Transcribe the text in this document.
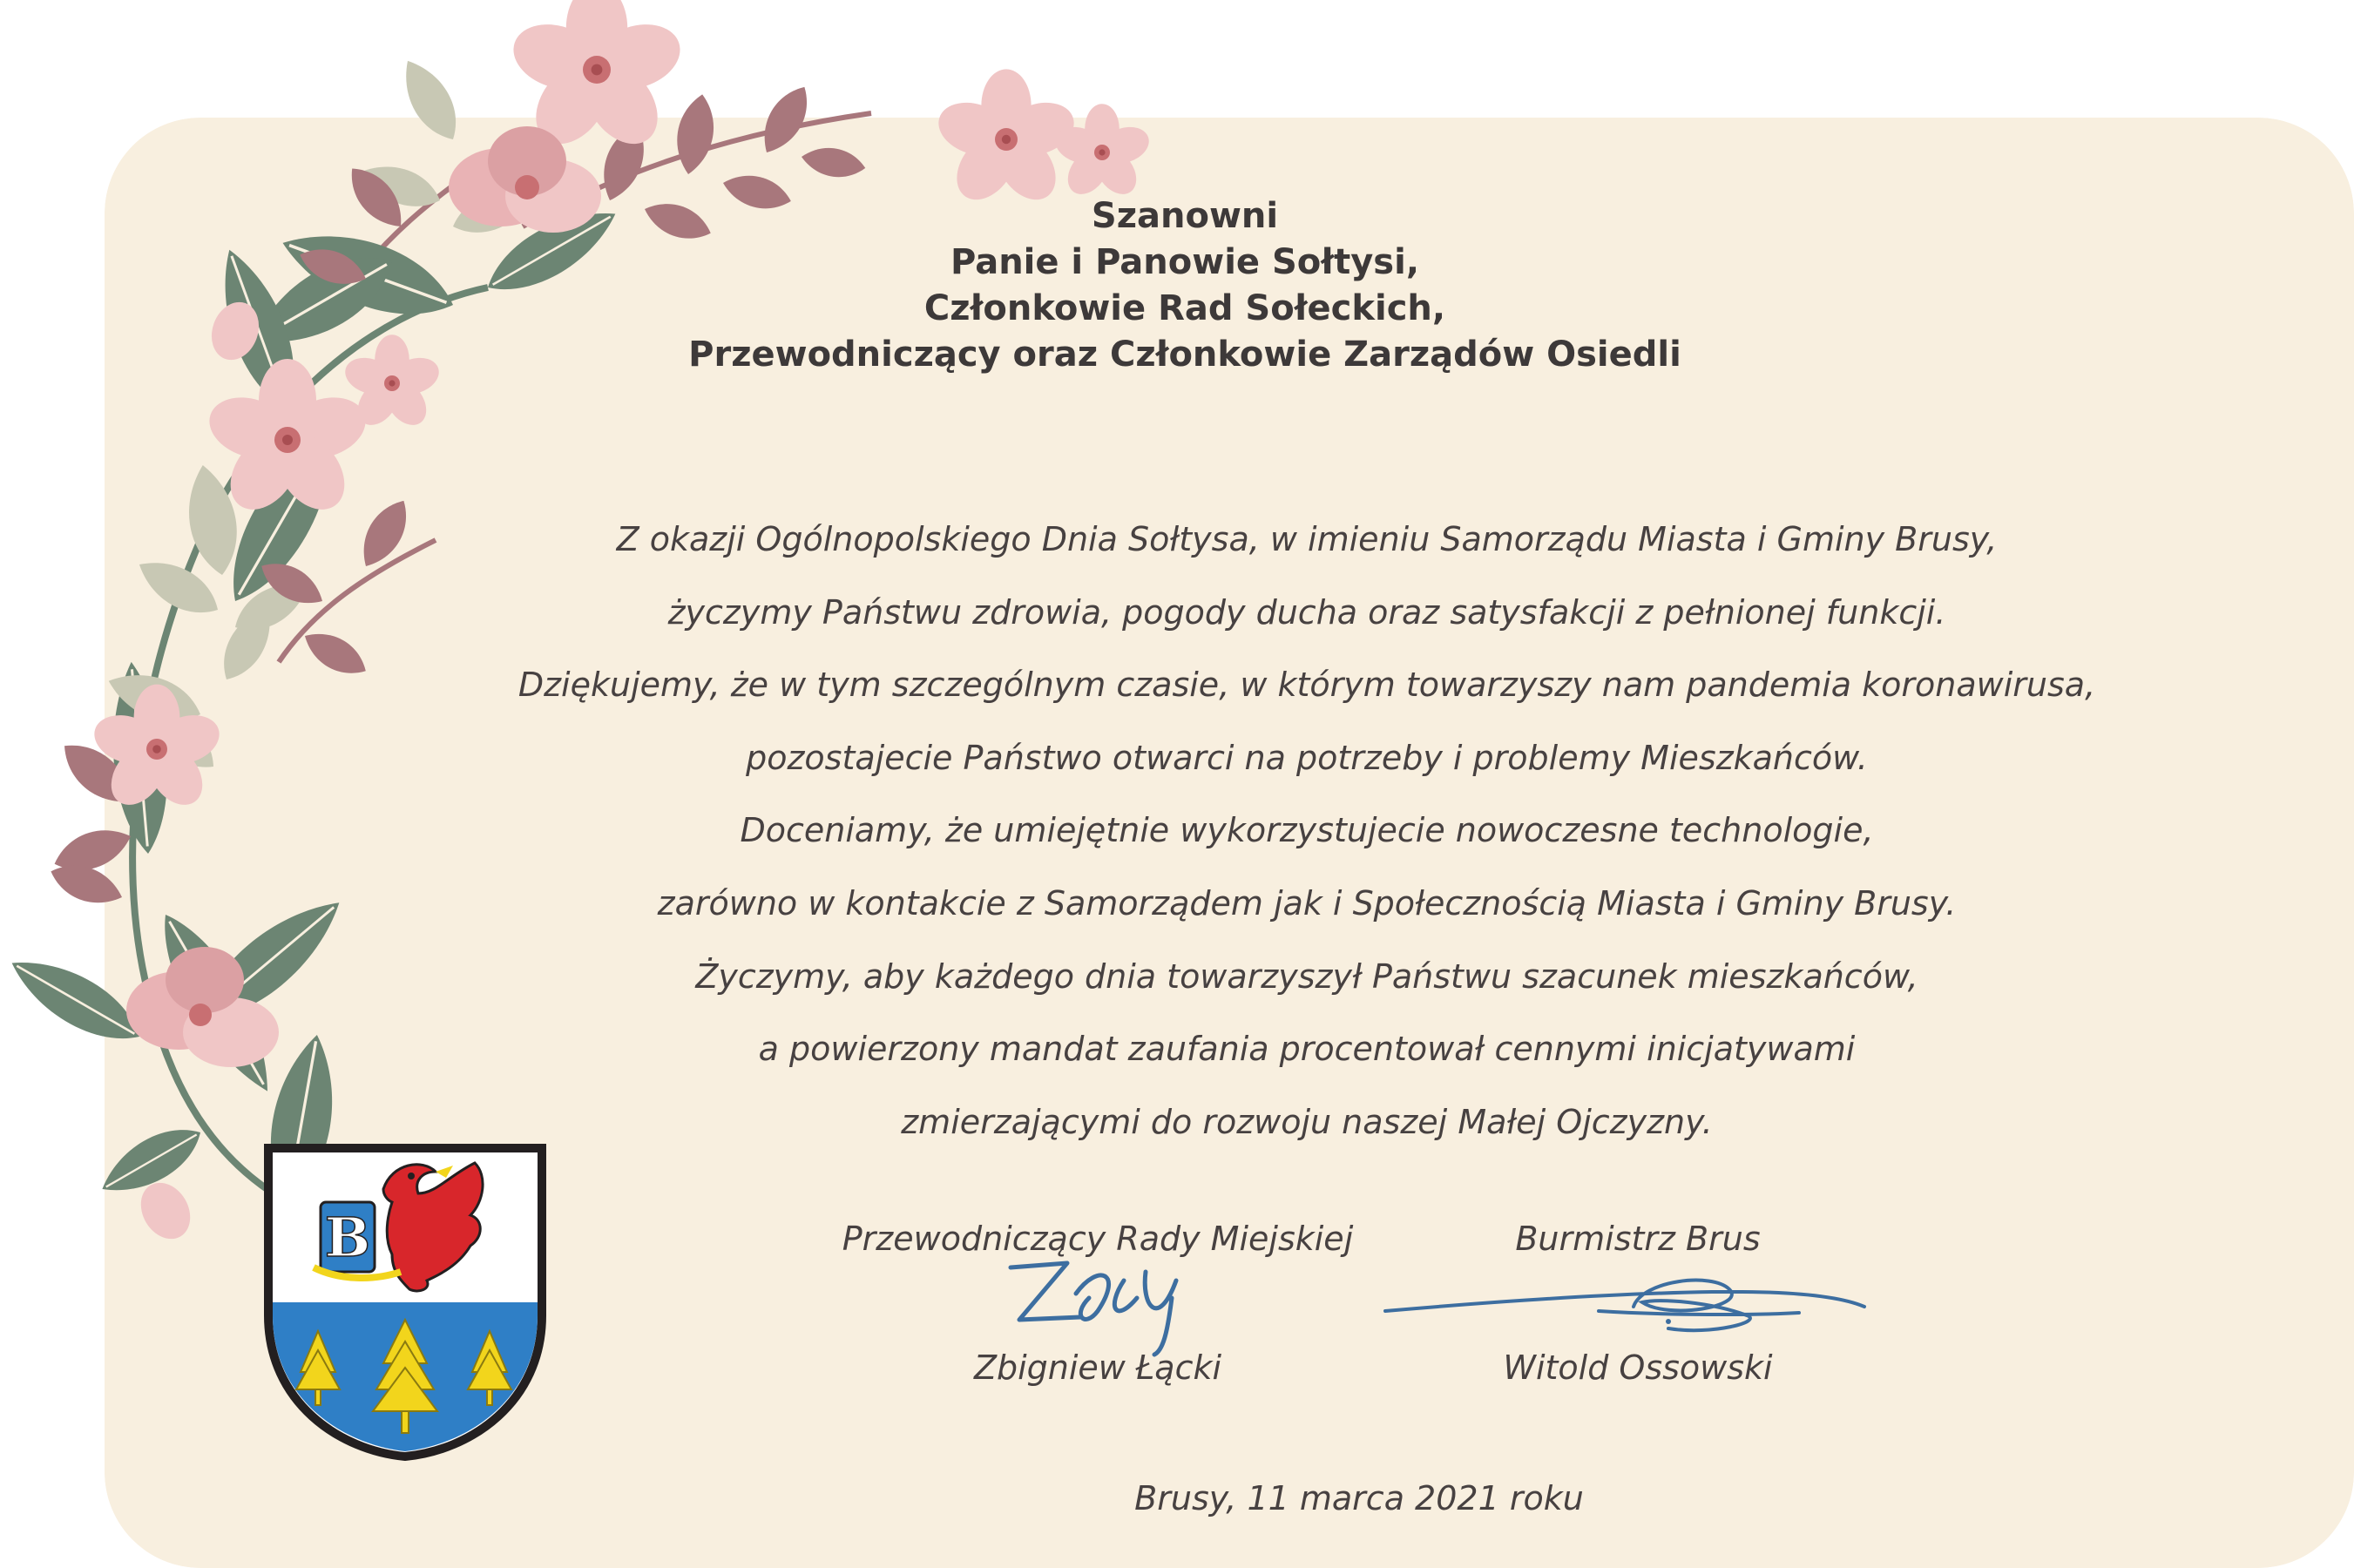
Szanowni
Panie i Panowie Sołtysi,
Członkowie Rad Sołeckich,
Przewodniczący oraz Członkowie Zarządów Osiedli
Z okazji Ogólnopolskiego Dnia Sołtysa, w imieniu Samorządu Miasta i Gminy Brusy,
życzymy Państwu zdrowia, pogody ducha oraz satysfakcji z pełnionej funkcji.
Dziękujemy, że w tym szczególnym czasie, w którym towarzyszy nam pandemia koronawirusa,
pozostajecie Państwo otwarci na potrzeby i problemy Mieszkańców.
Doceniamy, że umiejętnie wykorzystujecie nowoczesne technologie,
zarówno w kontakcie z Samorządem jak i Społecznością Miasta i Gminy Brusy.
Życzymy, aby każdego dnia towarzyszył Państwu szacunek mieszkańców,
a powierzony mandat zaufania procentował cennymi inicjatywami
zmierzającymi do rozwoju naszej Małej Ojczyzny.
Przewodniczący Rady Miejskiej	Burmistrz Brus
Zbigniew Łącki	Witold Ossowski
Brusy, 11 marca 2021 roku
B
